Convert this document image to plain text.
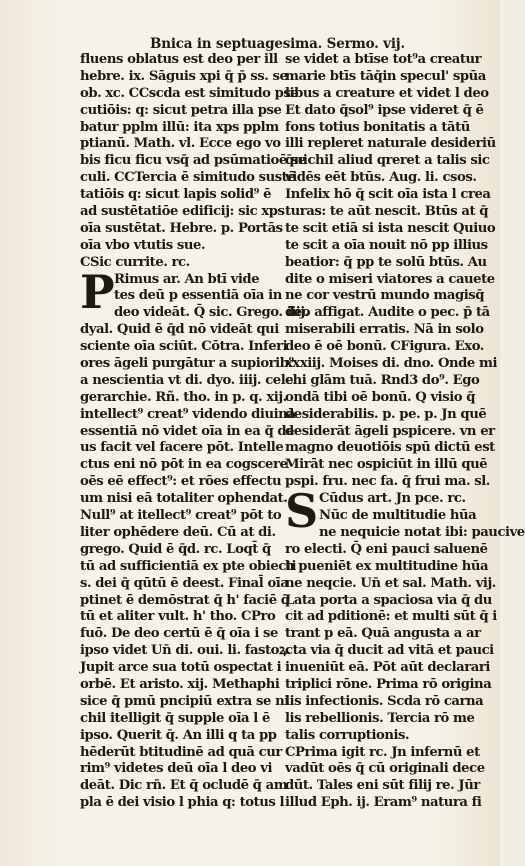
Bnica in septuagesima. Sermo. vij.
fluens oblatus est deo per ill
hebre. ix. Sāguis xpi q̄ p̄ ss. se
ob. xc. CCscda est simitudo pse
cutiōis: q: sicut petra illa pse
batur pplm illū: ita xps pplm
ptianū. Math. vl. Ecce ego vo
bis ficu ficu vsq̄ ad psūmatioē se
culi. CCTercia ē simitudo sustē
tatiōis q: sicut lapis solid⁹ ē
ad sustētatiōe edificij: sic xps
oīa sustētat. Hebre. p. Portās
oīa vbo vtutis sue.
CSic currite. rc.
P Rimus ar. An btī vide
tes deū p essentiā oīa in
deo videāt. Q̄ sic. Grego. iiij.
dyal. Quid ē q̄d nō videāt qui
sciente oīa sciūt. Cōtra. Inferi
ores āgeli purgātur a supiorib⁹
a nescientia vt di. dyo. iiij. cele
gerarchie. Rñ. tho. in p. q. xij.
intellect⁹ creat⁹ videndo diuinā
essentiā nō videt oīa in ea q̄ de
us facit vel facere pōt. Intelle
ctus eni nō pōt in ea cogscere
oēs eē effect⁹: et rōes effectu
um nisi eā totaliter ophendat.
Null⁹ at itellect⁹ creat⁹ pōt to
liter ophēdere deū. Cū at di.
grego. Quid ē q̄d. rc. Loqt̄ q̄
tū ad sufficientiā ex pte obiecti
s. dei q̄ qūtū ē deest. Final̄ oīa
ptinet ē demōstrat q̄ h' faciē q̄
tū et aliter vult. h' tho. CPro
fuō. De deo certū ē q̄ oīa i se
ipso videt Un̄ di. oui. li. fastoꝝ.
Jupit arce sua totū ospectat i
orbē. Et aristo. xij. Methaphi
sice q̄ pmū pncipiū extra se ni
chil itelligit q̄ supple oīa l ē
ipso. Querit q̄. An illi q ta pp
hēderūt btitudinē ad quā cur
rim⁹ videtes deū oīa l deo vi
deāt. Dic rn̄. Et q̄ ocludē q̄ am
pla ē dei visio l phia q: totus l
se videt a btīse tot⁹a creatur
marie btīs tāq̄in specul' spūa
libus a creature et videt l deo
Et dato q̄sol⁹ ipse videret q̄ ē
fons totius bonitatis a tātū
illi repleret naturale desideriū
q̄nichil aliud qreret a talis sic
vidēs eēt btūs. Aug. li. csos.
Infelix hō q̄ scit oīa ista l crea
turas: te aūt nescit. Btūs at q̄
te scit etiā si ista nescit Quiuo
te scit a oīa nouit nō pp illius
beatior: q̄ pp te solū btūs. Au
dite o miseri viatores a cauete
ne cor vestrū mundo magisq̄
deo affigat. Audite o pec. p̄ tā
miserabili erratis. Nā in solo
deo ē oē bonū. CFigura. Exo.
xxxiij. Moises di. dno. Onde mi
chi glām tuā. Rnd3 do⁹. Ego
ondā tibi oē bonū. Q visio q̄
desiderabilis. p. pe. p. Jn quē
desiderāt āgeli pspicere. vn er
magno deuotiōis spū dictū est
Mirāt nec ospiciūt in illū quē
pspi. fru. nec fa. q̄ frui ma. sl.
S Cūdus art. Jn pce. rc.
Nūc de multitudie hūa
ne nequicie notat ibi: paucive
ro electi. Q̄ eni pauci saluenē
h pueniēt ex multitudine hūa
ne neqcie. Un̄ et sal. Math. vij.
Lata porta a spaciosa via q̄ du
cit ad pditionē: et multi sūt q̄ i
trant p eā. Quā angusta a ar
cta via q̄ ducit ad vitā et pauci
inueniūt eā. Pōt aūt declarari
triplici rōne. Prima rō origina
lis infectionis. Scda rō carna
lis rebellionis. Tercia rō me
talis corruptionis.
CPrima igit rc. Jn infernū et
vadūt oēs q̄ cū originali dece
dūt. Tales eni sūt filij re. Jūr
illud Eph. ij. Eram⁹ natura fi
